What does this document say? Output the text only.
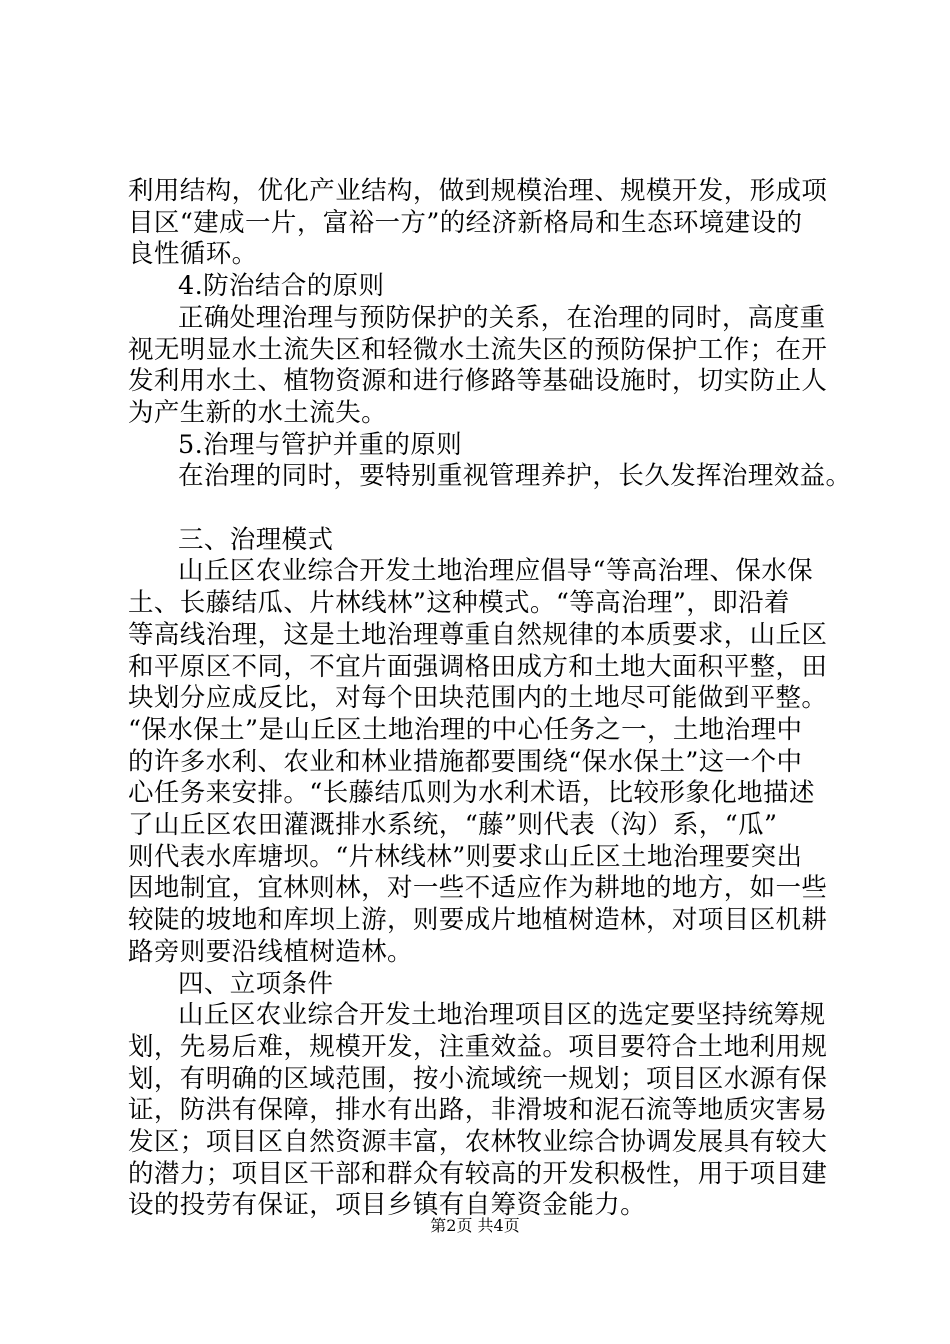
利用结构，优化产业结构，做到规模治理、规模开发，形成项
目区“建成一片，富裕一方”的经济新格局和生态环境建设的
良性循环。
4.防治结合的原则
正确处理治理与预防保护的关系，在治理的同时，高度重
视无明显水土流失区和轻微水土流失区的预防保护工作；在开
发利用水土、植物资源和进行修路等基础设施时，切实防止人
为产生新的水土流失。
5.治理与管护并重的原则
在治理的同时，要特别重视管理养护，长久发挥治理效益。
三、治理模式
山丘区农业综合开发土地治理应倡导“等高治理、保水保
土、长藤结瓜、片林线林”这种模式。“等高治理”，即沿着
等高线治理，这是土地治理尊重自然规律的本质要求，山丘区
和平原区不同，不宜片面强调格田成方和土地大面积平整，田
块划分应成反比，对每个田块范围内的土地尽可能做到平整。
“保水保土”是山丘区土地治理的中心任务之一，土地治理中
的许多水利、农业和林业措施都要围绕“保水保土”这一个中
心任务来安排。“长藤结瓜则为水利术语，比较形象化地描述
了山丘区农田灌溉排水系统，“藤”则代表（沟）系，“瓜”
则代表水库塘坝。“片林线林”则要求山丘区土地治理要突出
因地制宜，宜林则林，对一些不适应作为耕地的地方，如一些
较陡的坡地和库坝上游，则要成片地植树造林，对项目区机耕
路旁则要沿线植树造林。
四、立项条件
山丘区农业综合开发土地治理项目区的选定要坚持统筹规
划，先易后难，规模开发，注重效益。项目要符合土地利用规
划，有明确的区域范围，按小流域统一规划；项目区水源有保
证，防洪有保障，排水有出路，非滑坡和泥石流等地质灾害易
发区；项目区自然资源丰富，农林牧业综合协调发展具有较大
的潜力；项目区干部和群众有较高的开发积极性，用于项目建
设的投劳有保证，项目乡镇有自筹资金能力。
第2页 共4页
